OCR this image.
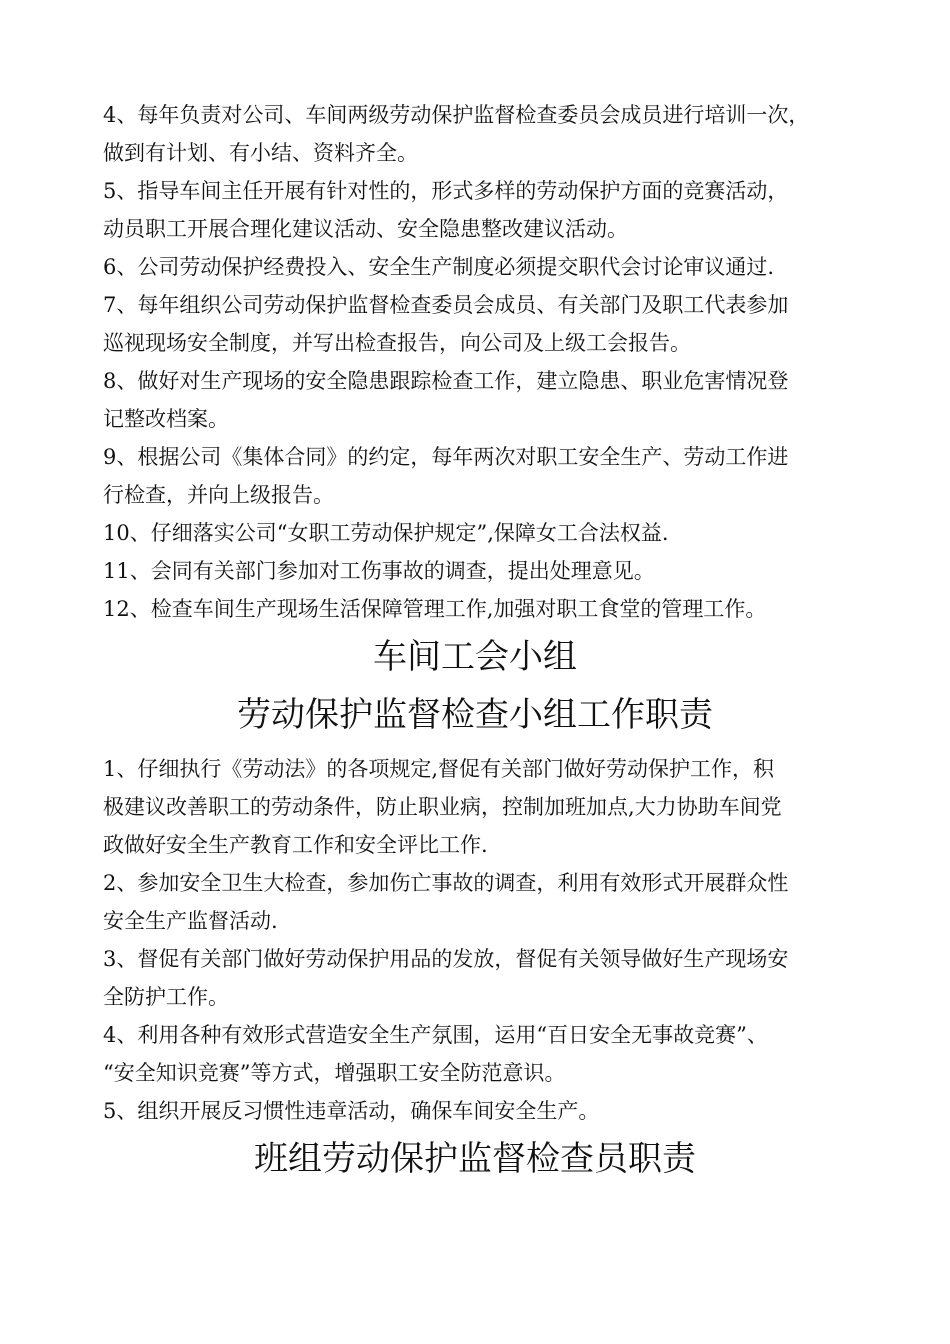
4、每年负责对公司、车间两级劳动保护监督检查委员会成员进行培训一次，
做到有计划、有小结、资料齐全。
5、指导车间主任开展有针对性的，形式多样的劳动保护方面的竞赛活动，
动员职工开展合理化建议活动、安全隐患整改建议活动。
6、公司劳动保护经费投入、安全生产制度必须提交职代会讨论审议通过.
7、每年组织公司劳动保护监督检查委员会成员、有关部门及职工代表参加
巡视现场安全制度，并写出检查报告，向公司及上级工会报告。
8、做好对生产现场的安全隐患跟踪检查工作，建立隐患、职业危害情况登
记整改档案。
9、根据公司《集体合同》的约定，每年两次对职工安全生产、劳动工作进
行检查，并向上级报告。
10、仔细落实公司“女职工劳动保护规定”,保障女工合法权益.
11、会同有关部门参加对工伤事故的调查，提出处理意见。
12、检查车间生产现场生活保障管理工作,加强对职工食堂的管理工作。
车间工会小组
劳动保护监督检查小组工作职责
1、仔细执行《劳动法》的各项规定,督促有关部门做好劳动保护工作，积
极建议改善职工的劳动条件，防止职业病，控制加班加点,大力协助车间党
政做好安全生产教育工作和安全评比工作.
2、参加安全卫生大检查，参加伤亡事故的调查，利用有效形式开展群众性
安全生产监督活动.
3、督促有关部门做好劳动保护用品的发放，督促有关领导做好生产现场安
全防护工作。
4、利用各种有效形式营造安全生产氛围，运用“百日安全无事故竞赛”、
“安全知识竞赛”等方式，增强职工安全防范意识。
5、组织开展反习惯性违章活动，确保车间安全生产。
班组劳动保护监督检查员职责
